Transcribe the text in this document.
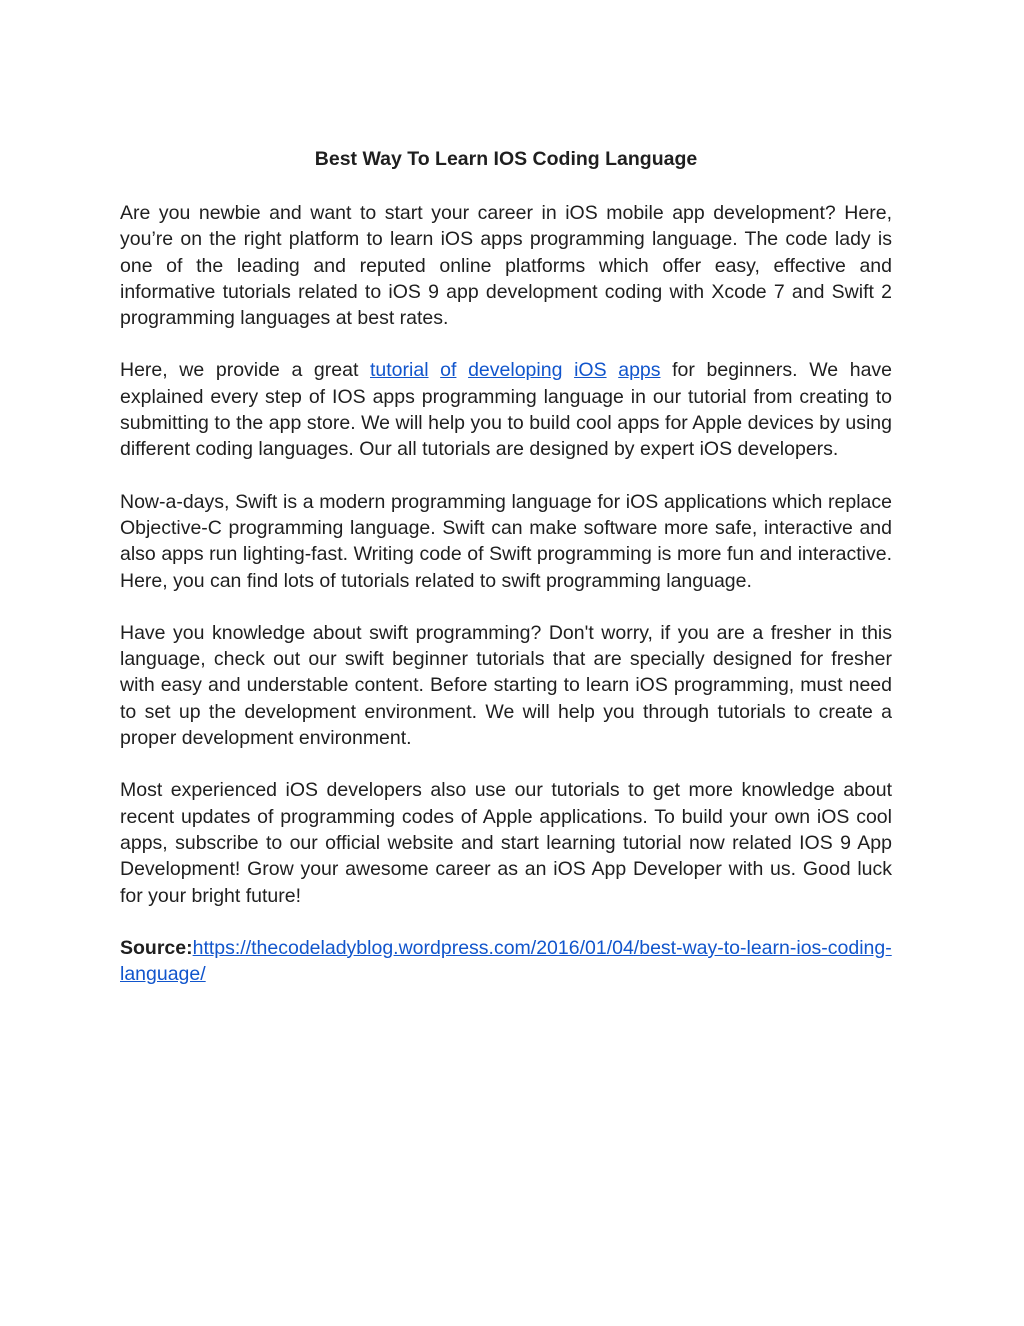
Best Way To Learn IOS Coding Language

Are you newbie and want to start your career in iOS mobile app development? Here, you’re on the right platform to learn iOS apps programming language. The code lady is one of the leading and reputed online platforms which offer easy, effective and informative tutorials related to iOS 9 app development coding with Xcode 7 and Swift 2 programming languages at best rates.

Here, we provide a great tutorial of developing iOS apps for beginners. We have explained every step of IOS apps programming language in our tutorial from creating to submitting to the app store. We will help you to build cool apps for Apple devices by using different coding languages. Our all tutorials are designed by expert iOS developers.

Now-a-days, Swift is a modern programming language for iOS applications which replace Objective-C programming language. Swift can make software more safe, interactive and also apps run lighting-fast. Writing code of Swift programming is more fun and interactive. Here, you can find lots of tutorials related to swift programming language.

Have you knowledge about swift programming? Don't worry, if you are a fresher in this language, check out our swift beginner tutorials that are specially designed for fresher with easy and understable content. Before starting to learn iOS programming, must need to set up the development environment. We will help you through tutorials to create a proper development environment.

Most experienced iOS developers also use our tutorials to get more knowledge about recent updates of programming codes of Apple applications. To build your own iOS cool apps, subscribe to our official website and start learning tutorial now related IOS 9 App Development! Grow your awesome career as an iOS App Developer with us. Good luck for your bright future!

Source:https://thecodeladyblog.wordpress.com/2016/01/04/best-way-to-learn-ios-coding-language/
